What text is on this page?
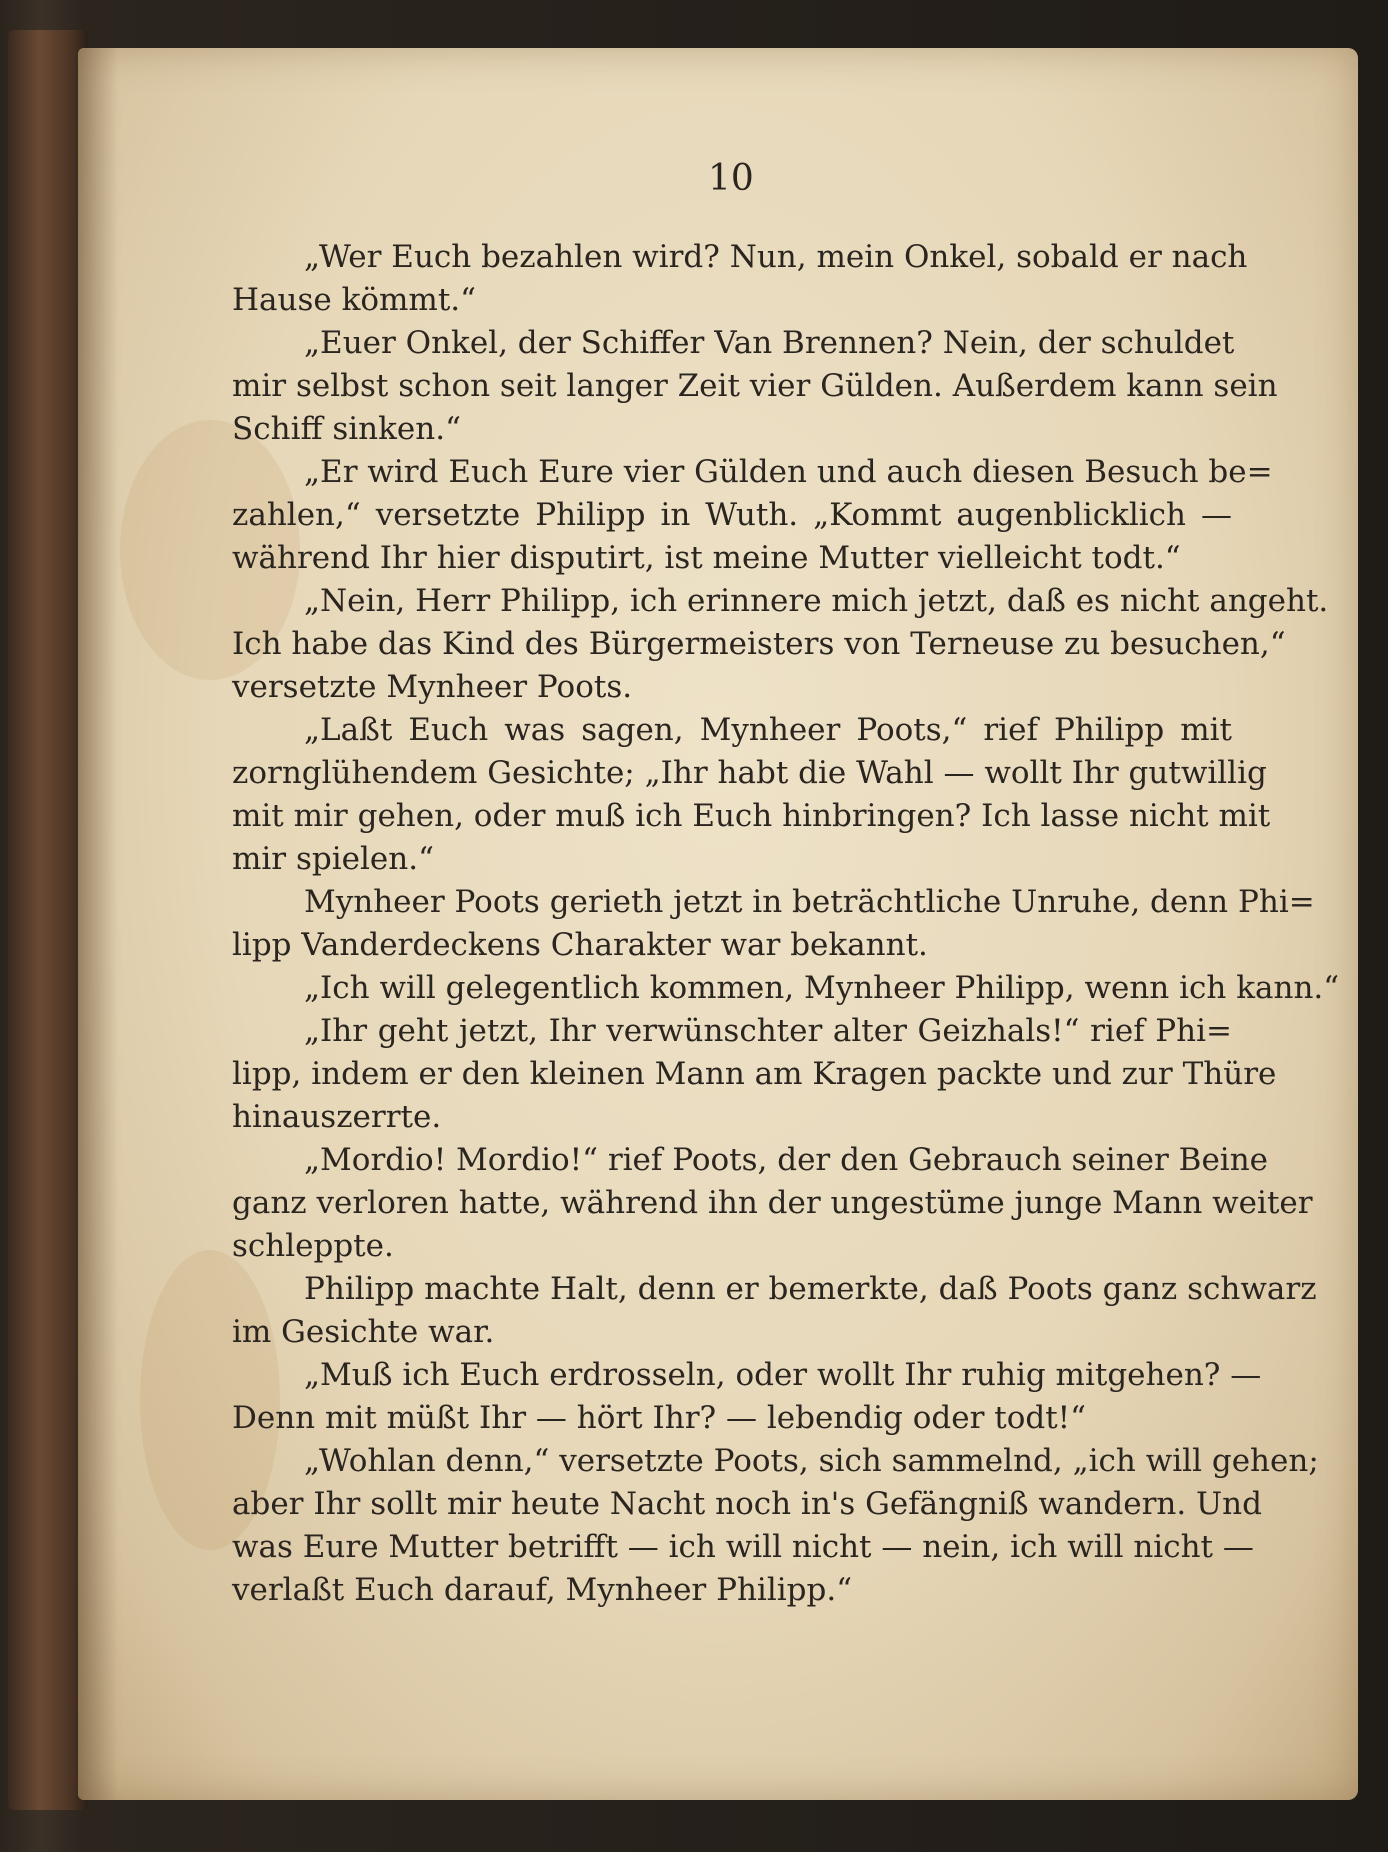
10
„Wer Euch bezahlen wird? Nun, mein Onkel, sobald er nach
Hause kömmt.“
„Euer Onkel, der Schiffer Van Brennen? Nein, der schuldet
mir selbst schon seit langer Zeit vier Gülden. Außerdem kann sein
Schiff sinken.“
„Er wird Euch Eure vier Gülden und auch diesen Besuch be=
zahlen,“ versetzte Philipp in Wuth. „Kommt augenblicklich —
während Ihr hier disputirt, ist meine Mutter vielleicht todt.“
„Nein, Herr Philipp, ich erinnere mich jetzt, daß es nicht angeht.
Ich habe das Kind des Bürgermeisters von Terneuse zu besuchen,“
versetzte Mynheer Poots.
„Laßt Euch was sagen, Mynheer Poots,“ rief Philipp mit
zornglühendem Gesichte; „Ihr habt die Wahl — wollt Ihr gutwillig
mit mir gehen, oder muß ich Euch hinbringen? Ich lasse nicht mit
mir spielen.“
Mynheer Poots gerieth jetzt in beträchtliche Unruhe, denn Phi=
lipp Vanderdeckens Charakter war bekannt.
„Ich will gelegentlich kommen, Mynheer Philipp, wenn ich kann.“
„Ihr geht jetzt, Ihr verwünschter alter Geizhals!“ rief Phi=
lipp, indem er den kleinen Mann am Kragen packte und zur Thüre
hinauszerrte.
„Mordio! Mordio!“ rief Poots, der den Gebrauch seiner Beine
ganz verloren hatte, während ihn der ungestüme junge Mann weiter
schleppte.
Philipp machte Halt, denn er bemerkte, daß Poots ganz schwarz
im Gesichte war.
„Muß ich Euch erdrosseln, oder wollt Ihr ruhig mitgehen? —
Denn mit müßt Ihr — hört Ihr? — lebendig oder todt!“
„Wohlan denn,“ versetzte Poots, sich sammelnd, „ich will gehen;
aber Ihr sollt mir heute Nacht noch in's Gefängniß wandern. Und
was Eure Mutter betrifft — ich will nicht — nein, ich will nicht —
verlaßt Euch darauf, Mynheer Philipp.“
